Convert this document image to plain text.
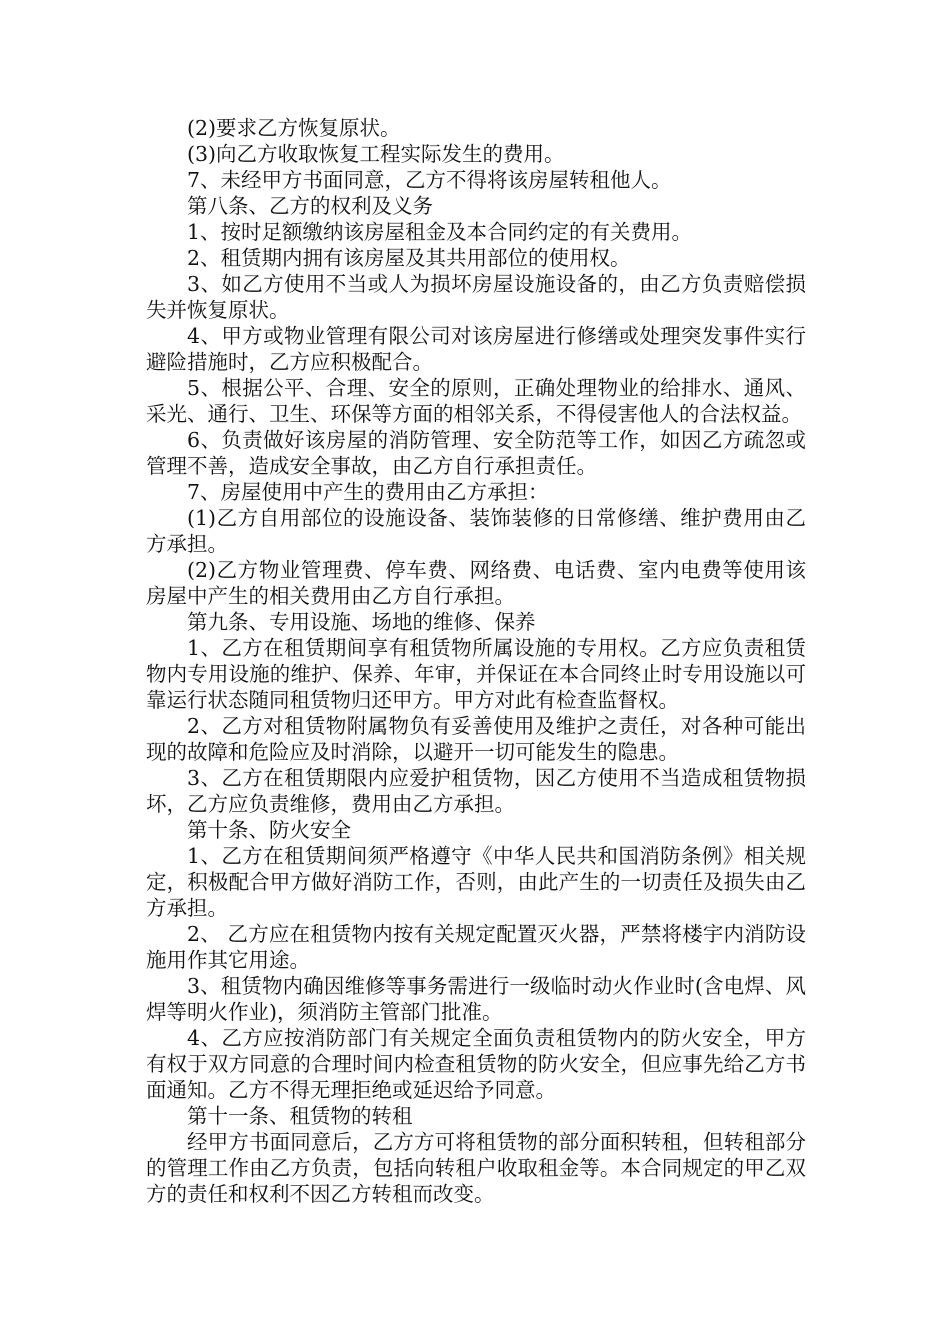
(2)要求乙方恢复原状。

(3)向乙方收取恢复工程实际发生的费用。

7、未经甲方书面同意，乙方不得将该房屋转租他人。

第八条、乙方的权利及义务

1、按时足额缴纳该房屋租金及本合同约定的有关费用。

2、租赁期内拥有该房屋及其共用部位的使用权。

3、如乙方使用不当或人为损坏房屋设施设备的，由乙方负责赔偿损失并恢复原状。

4、甲方或物业管理有限公司对该房屋进行修缮或处理突发事件实行避险措施时，乙方应积极配合。

5、根据公平、合理、安全的原则，正确处理物业的给排水、通风、采光、通行、卫生、环保等方面的相邻关系，不得侵害他人的合法权益。

6、负责做好该房屋的消防管理、安全防范等工作，如因乙方疏忽或管理不善，造成安全事故，由乙方自行承担责任。

7、房屋使用中产生的费用由乙方承担：

(1)乙方自用部位的设施设备、装饰装修的日常修缮、维护费用由乙方承担。

(2)乙方物业管理费、停车费、网络费、电话费、室内电费等使用该房屋中产生的相关费用由乙方自行承担。

第九条、专用设施、场地的维修、保养

1、乙方在租赁期间享有租赁物所属设施的专用权。乙方应负责租赁物内专用设施的维护、保养、年审，并保证在本合同终止时专用设施以可靠运行状态随同租赁物归还甲方。甲方对此有检查监督权。

2、乙方对租赁物附属物负有妥善使用及维护之责任，对各种可能出现的故障和危险应及时消除，以避开一切可能发生的隐患。

3、乙方在租赁期限内应爱护租赁物，因乙方使用不当造成租赁物损坏，乙方应负责维修，费用由乙方承担。

第十条、防火安全

1、乙方在租赁期间须严格遵守《中华人民共和国消防条例》相关规定，积极配合甲方做好消防工作，否则，由此产生的一切责任及损失由乙方承担。

2、 乙方应在租赁物内按有关规定配置灭火器，严禁将楼宇内消防设施用作其它用途。

3、租赁物内确因维修等事务需进行一级临时动火作业时(含电焊、风焊等明火作业)，须消防主管部门批准。

4、乙方应按消防部门有关规定全面负责租赁物内的防火安全，甲方有权于双方同意的合理时间内检查租赁物的防火安全，但应事先给乙方书面通知。乙方不得无理拒绝或延迟给予同意。

第十一条、租赁物的转租

经甲方书面同意后，乙方方可将租赁物的部分面积转租，但转租部分的管理工作由乙方负责，包括向转租户收取租金等。本合同规定的甲乙双方的责任和权利不因乙方转租而改变。
